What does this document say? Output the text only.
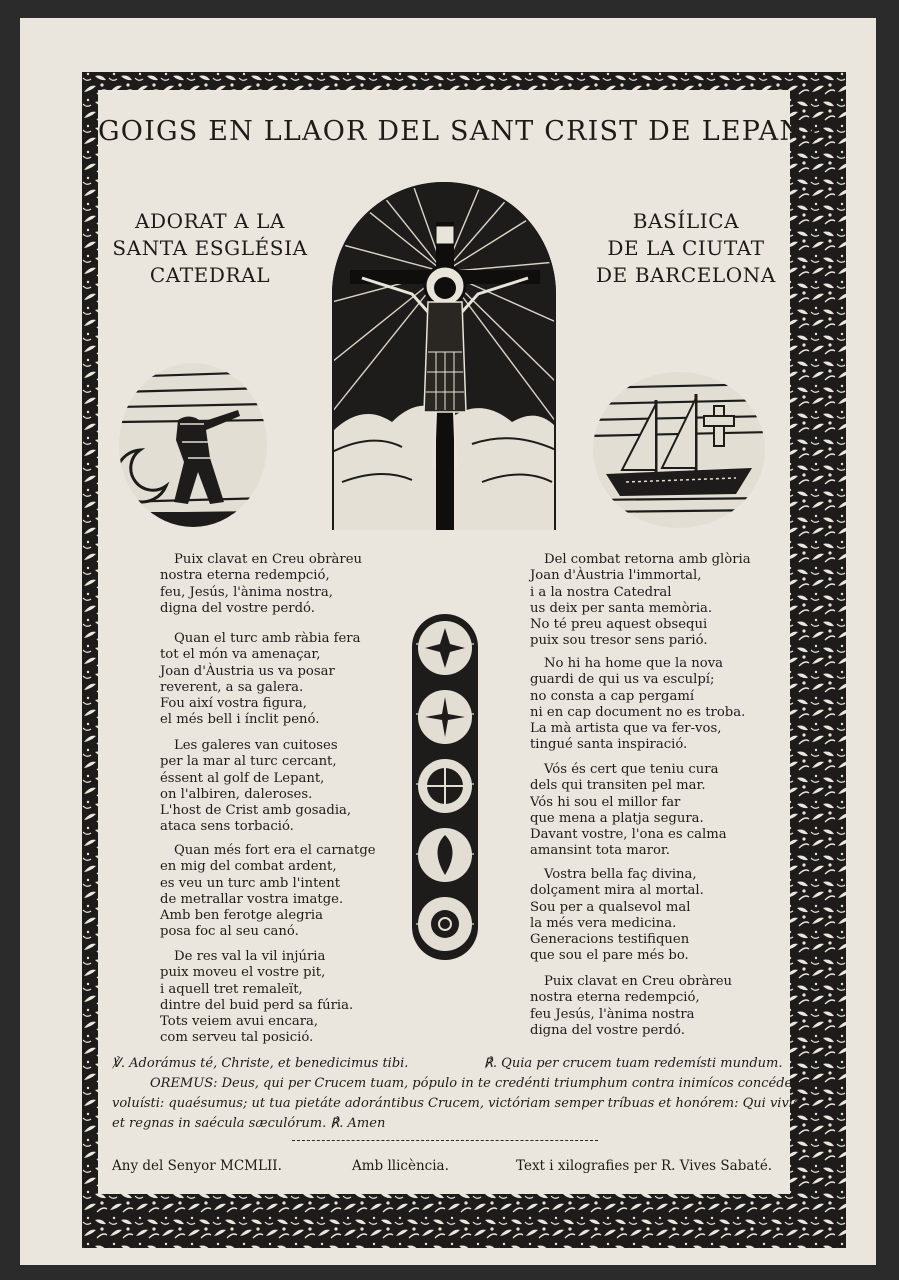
GOIGS EN LLAOR DEL SANT CRIST DE LEPANT
ADORAT A LA
SANTA ESGLÉSIA
CATEDRAL
BASÍLICA
DE LA CIUTAT
DE BARCELONA
Puix clavat en Creu obràreu
nostra eterna redempció,
feu, Jesús, l'ànima nostra,
digna del vostre perdó.
Quan el turc amb ràbia fera
tot el món va amenaçar,
Joan d'Àustria us va posar
reverent, a sa galera.
Fou així vostra figura,
el més bell i ínclit penó.
Les galeres van cuitoses
per la mar al turc cercant,
éssent al golf de Lepant,
on l'albiren, daleroses.
L'host de Crist amb gosadia,
ataca sens torbació.
Quan més fort era el carnatge
en mig del combat ardent,
es veu un turc amb l'intent
de metrallar vostra imatge.
Amb ben ferotge alegria
posa foc al seu canó.
De res val la vil injúria
puix moveu el vostre pit,
i aquell tret remaleït,
dintre del buid perd sa fúria.
Tots veiem avui encara,
com serveu tal posició.
Del combat retorna amb glòria
Joan d'Àustria l'immortal,
i a la nostra Catedral
us deix per santa memòria.
No té preu aquest obsequi
puix sou tresor sens parió.
No hi ha home que la nova
guardi de qui us va esculpí;
no consta a cap pergamí
ni en cap document no es troba.
La mà artista que va fer-vos,
tingué santa inspiració.
Vós és cert que teniu cura
dels qui transiten pel mar.
Vós hi sou el millor far
que mena a platja segura.
Davant vostre, l'ona es calma
amansint tota maror.
Vostra bella faç divina,
dolçament mira al mortal.
Sou per a qualsevol mal
la més vera medicina.
Generacions testifiquen
que sou el pare més bo.
Puix clavat en Creu obràreu
nostra eterna redempció,
feu Jesús, l'ànima nostra
digna del vostre perdó.
℣. Adorámus té, Christe, et benedicimus tibi.	℟. Quia per crucem tuam redemísti mundum.
OREMUS: Deus, qui per Crucem tuam, pópulo in te credénti triumphum contra inimícos concédere
voluísti: quaésumus; ut tua pietáte adorántibus Crucem, victóriam semper tríbuas et honórem: Qui vivis
et regnas in saécula sæculórum. ℟. Amen
Any del Senyor MCMLII.	Amb llicència.	Text i xilografies per R. Vives Sabaté.
